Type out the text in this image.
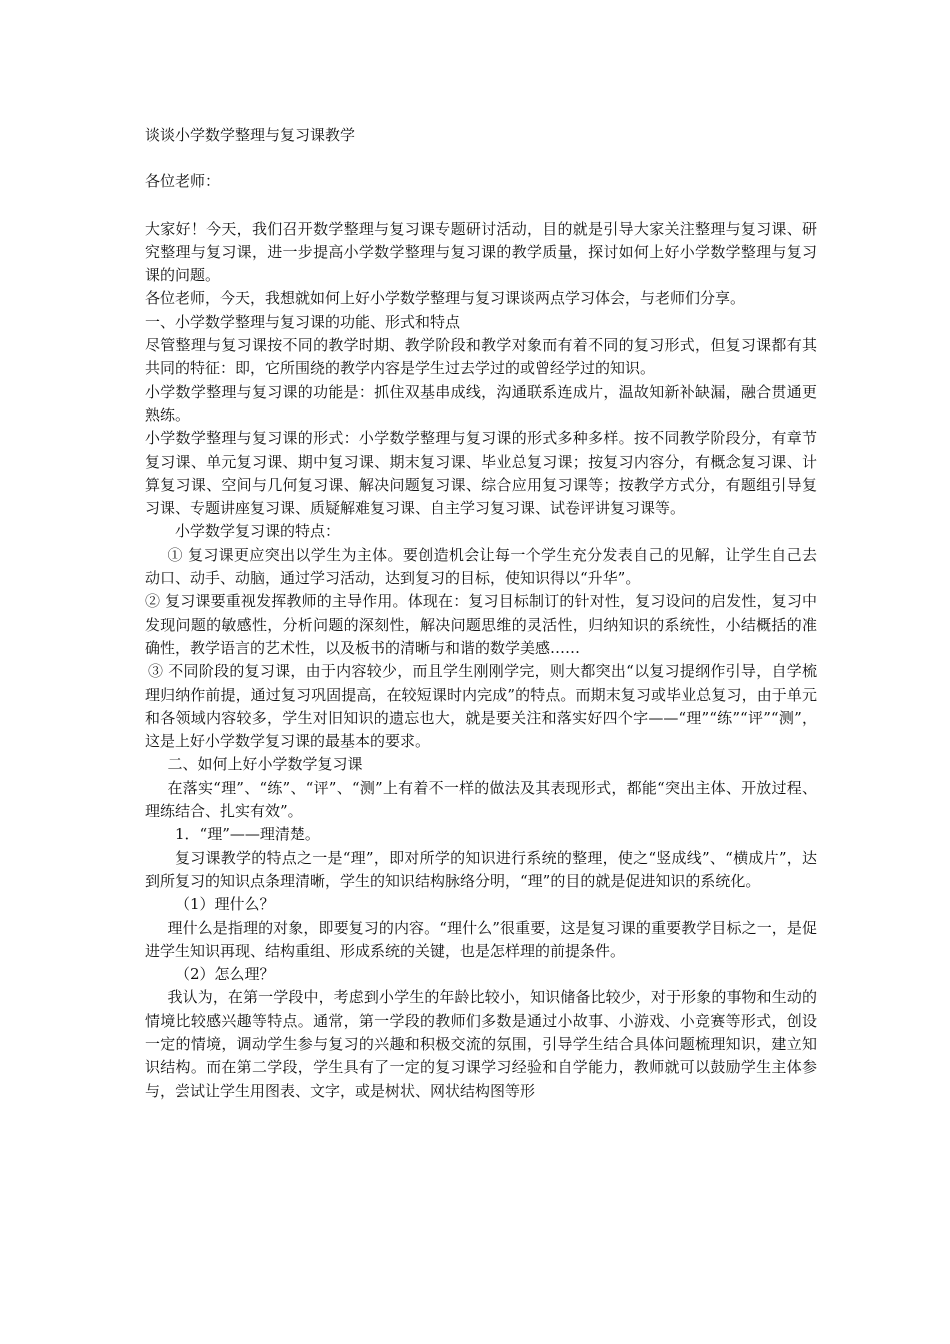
谈谈小学数学整理与复习课教学
各位老师：

大家好！今天，我们召开数学整理与复习课专题研讨活动，目的就是引导大家关注整理与复习课、研究整理与复习课，进一步提高小学数学整理与复习课的教学质量，探讨如何上好小学数学整理与复习课的问题。

各位老师，今天，我想就如何上好小学数学整理与复习课谈两点学习体会，与老师们分享。

一、小学数学整理与复习课的功能、形式和特点

尽管整理与复习课按不同的教学时期、教学阶段和教学对象而有着不同的复习形式，但复习课都有其共同的特征：即，它所围绕的教学内容是学生过去学过的或曾经学过的知识。

小学数学整理与复习课的功能是：抓住双基串成线，沟通联系连成片，温故知新补缺漏，融合贯通更熟练。

小学数学整理与复习课的形式：小学数学整理与复习课的形式多种多样。按不同教学阶段分，有章节复习课、单元复习课、期中复习课、期末复习课、毕业总复习课；按复习内容分，有概念复习课、计算复习课、空间与几何复习课、解决问题复习课、综合应用复习课等；按教学方式分，有题组引导复习课、专题讲座复习课、质疑解难复习课、自主学习复习课、试卷评讲复习课等。

小学数学复习课的特点：

① 复习课更应突出以学生为主体。要创造机会让每一个学生充分发表自己的见解，让学生自己去动口、动手、动脑，通过学习活动，达到复习的目标，使知识得以“升华”。

② 复习课要重视发挥教师的主导作用。体现在：复习目标制订的针对性，复习设问的启发性，复习中发现问题的敏感性，分析问题的深刻性，解决问题思维的灵活性，归纳知识的系统性，小结概括的准确性，教学语言的艺术性，以及板书的清晰与和谐的数学美感……

③ 不同阶段的复习课，由于内容较少，而且学生刚刚学完，则大都突出“以复习提纲作引导，自学梳理归纳作前提，通过复习巩固提高，在较短课时内完成”的特点。而期末复习或毕业总复习，由于单元和各领域内容较多，学生对旧知识的遗忘也大，就是要关注和落实好四个字——“理”“练”“评”“测”，这是上好小学数学复习课的最基本的要求。

二、如何上好小学数学复习课

在落实“理”、“练”、“评”、“测”上有着不一样的做法及其表现形式，都能“突出主体、开放过程、理练结合、扎实有效”。

1．“理”——理清楚。

复习课教学的特点之一是“理”，即对所学的知识进行系统的整理，使之“竖成线”、“横成片”，达到所复习的知识点条理清晰，学生的知识结构脉络分明，“理”的目的就是促进知识的系统化。

（1）理什么？

理什么是指理的对象，即要复习的内容。“理什么”很重要，这是复习课的重要教学目标之一，是促进学生知识再现、结构重组、形成系统的关键，也是怎样理的前提条件。

（2）怎么理？

我认为，在第一学段中，考虑到小学生的年龄比较小，知识储备比较少，对于形象的事物和生动的情境比较感兴趣等特点。通常，第一学段的教师们多数是通过小故事、小游戏、小竞赛等形式，创设一定的情境，调动学生参与复习的兴趣和积极交流的氛围，引导学生结合具体问题梳理知识，建立知识结构。而在第二学段，学生具有了一定的复习课学习经验和自学能力，教师就可以鼓励学生主体参与，尝试让学生用图表、文字，或是树状、网状结构图等形
